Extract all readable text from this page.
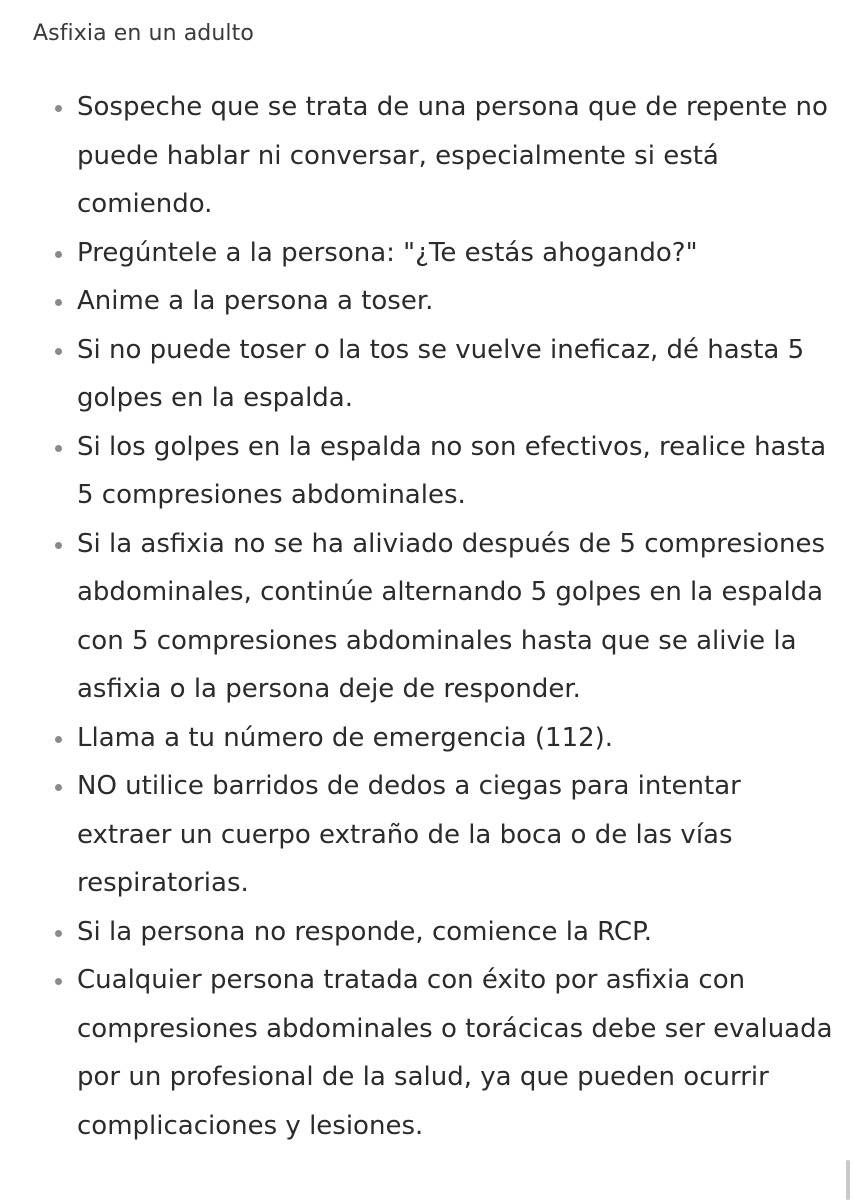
Asfixia en un adulto
Sospeche que se trata de una persona que de repente no puede hablar ni conversar, especialmente si está comiendo.
Pregúntele a la persona: "¿Te estás ahogando?"
Anime a la persona a toser.
Si no puede toser o la tos se vuelve ineficaz, dé hasta 5 golpes en la espalda.
Si los golpes en la espalda no son efectivos, realice hasta 5 compresiones abdominales.
Si la asfixia no se ha aliviado después de 5 compresiones abdominales, continúe alternando 5 golpes en la espalda con 5 compresiones abdominales hasta que se alivie la asfixia o la persona deje de responder.
Llama a tu número de emergencia (112).
NO utilice barridos de dedos a ciegas para intentar extraer un cuerpo extraño de la boca o de las vías respiratorias.
Si la persona no responde, comience la RCP.
Cualquier persona tratada con éxito por asfixia con compresiones abdominales o torácicas debe ser evaluada por un profesional de la salud, ya que pueden ocurrir complicaciones y lesiones.
